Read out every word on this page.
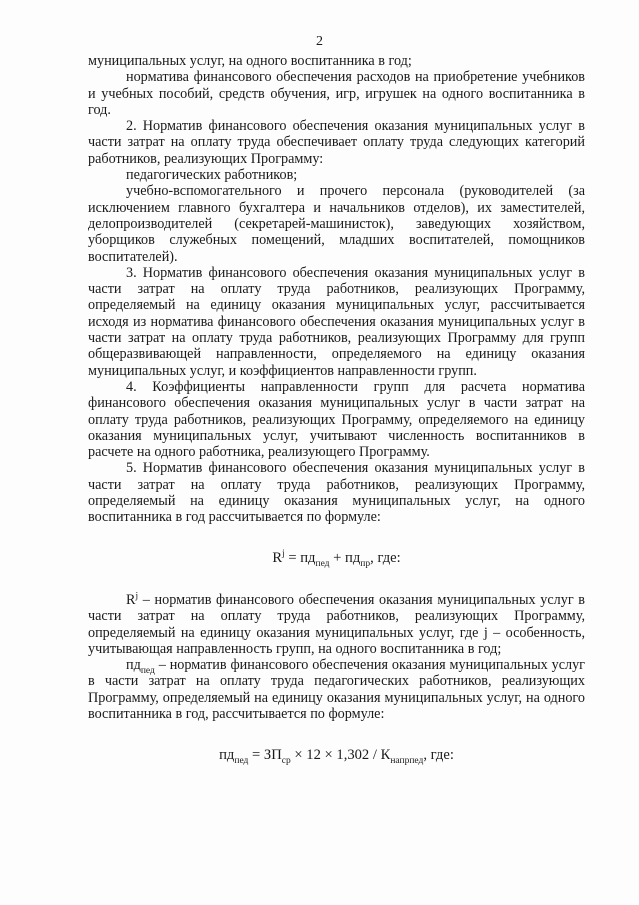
2

муниципальных услуг, на одного воспитанника в год;

норматива финансового обеспечения расходов на приобретение учебников и учебных пособий, средств обучения, игр, игрушек на одного воспитанника в год.

2. Норматив финансового обеспечения оказания муниципальных услуг в части затрат на оплату труда обеспечивает оплату труда следующих категорий работников, реализующих Программу:

педагогических работников;

учебно-вспомогательного и прочего персонала (руководителей (за исключением главного бухгалтера и начальников отделов), их заместителей, делопроизводителей (секретарей-машинисток), заведующих хозяйством, уборщиков служебных помещений, младших воспитателей, помощников воспитателей).

3. Норматив финансового обеспечения оказания муниципальных услуг в части затрат на оплату труда работников, реализующих Программу, определяемый на единицу оказания муниципальных услуг, рассчитывается исходя из норматива финансового обеспечения оказания муниципальных услуг в части затрат на оплату труда работников, реализующих Программу для групп общеразвивающей направленности, определяемого на единицу оказания муниципальных услуг, и коэффициентов направленности групп.

4. Коэффициенты направленности групп для расчета норматива финансового обеспечения оказания муниципальных услуг в части затрат на оплату труда работников, реализующих Программу, определяемого на единицу оказания муниципальных услуг, учитывают численность воспитанников в расчете на одного работника, реализующего Программу.

5. Норматив финансового обеспечения оказания муниципальных услуг в части затрат на оплату труда работников, реализующих Программу, определяемый на единицу оказания муниципальных услуг, на одного воспитанника в год рассчитывается по формуле:

$R^j = пд_{пед} + пд_{пр}$, где:

$R^j$ – норматив финансового обеспечения оказания муниципальных услуг в части затрат на оплату труда работников, реализующих Программу, определяемый на единицу оказания муниципальных услуг, где j – особенность, учитывающая направленность групп, на одного воспитанника в год;

$пд_{пед}$ – норматив финансового обеспечения оказания муниципальных услуг в части затрат на оплату труда педагогических работников, реализующих Программу, определяемый на единицу оказания муниципальных услуг, на одного воспитанника в год, рассчитывается по формуле:

$пд_{пед} = ЗП_{ср} \times 12 \times 1,302 / К_{напрпед}$, где:
